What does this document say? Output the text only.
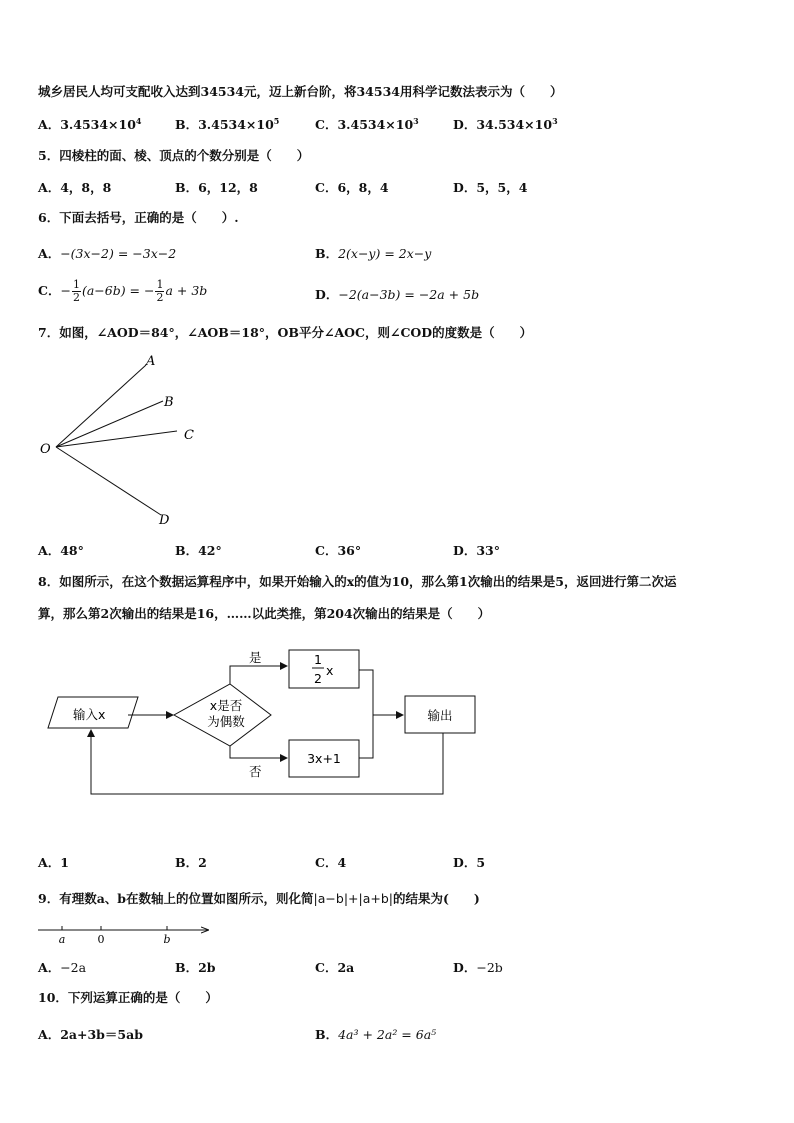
城乡居民人均可支配收入达到34534元，迈上新台阶，将34534用科学记数法表示为（　　）
A．$3.4534\times 10^4$	B．$3.4534\times 10^5$	C．$3.4534\times 10^3$	D．$34.534\times 10^3$
5．四棱柱的面、棱、顶点的个数分别是（　　）
A．4，8，8	B．6，12，8	C．6，8，4	D．5，5，4
6．下面去括号，正确的是（　　）.
A．−(3x−2) = −3x−2	B．2(x−y) = 2x−y
C．− $\frac{1}{2} (a-6b)$ = − $\frac{1}{2}$ a + 3b	D．−2(a−3b) = −2a + 5b
7．如图，∠AOD＝84°，∠AOB＝18°，OB平分∠AOC，则∠COD的度数是（　　）
O
A
B
C
D
A．48°	B．42°	C．36°	D．33°
8．如图所示，在这个数据运算程序中，如果开始输入的x的值为10，那么第1次输出的结果是5，返回进行第二次运
算，那么第2次输出的结果是16，……以此类推，第204次输出的结果是（　　）
输入x
x是否
为偶数
是
否
1
2
x
3x+1
输出
A．1	B．2	C．4	D．5
9．有理数a、b在数轴上的位置如图所示，则化简|a−b|+|a+b|的结果为(　　)
a	0	b
A．−2a	B．2b	C．2a	D．−2b
10．下列运算正确的是（　　）
A．2a+3b＝5ab	B．4a³ + 2a² = 6a⁵
